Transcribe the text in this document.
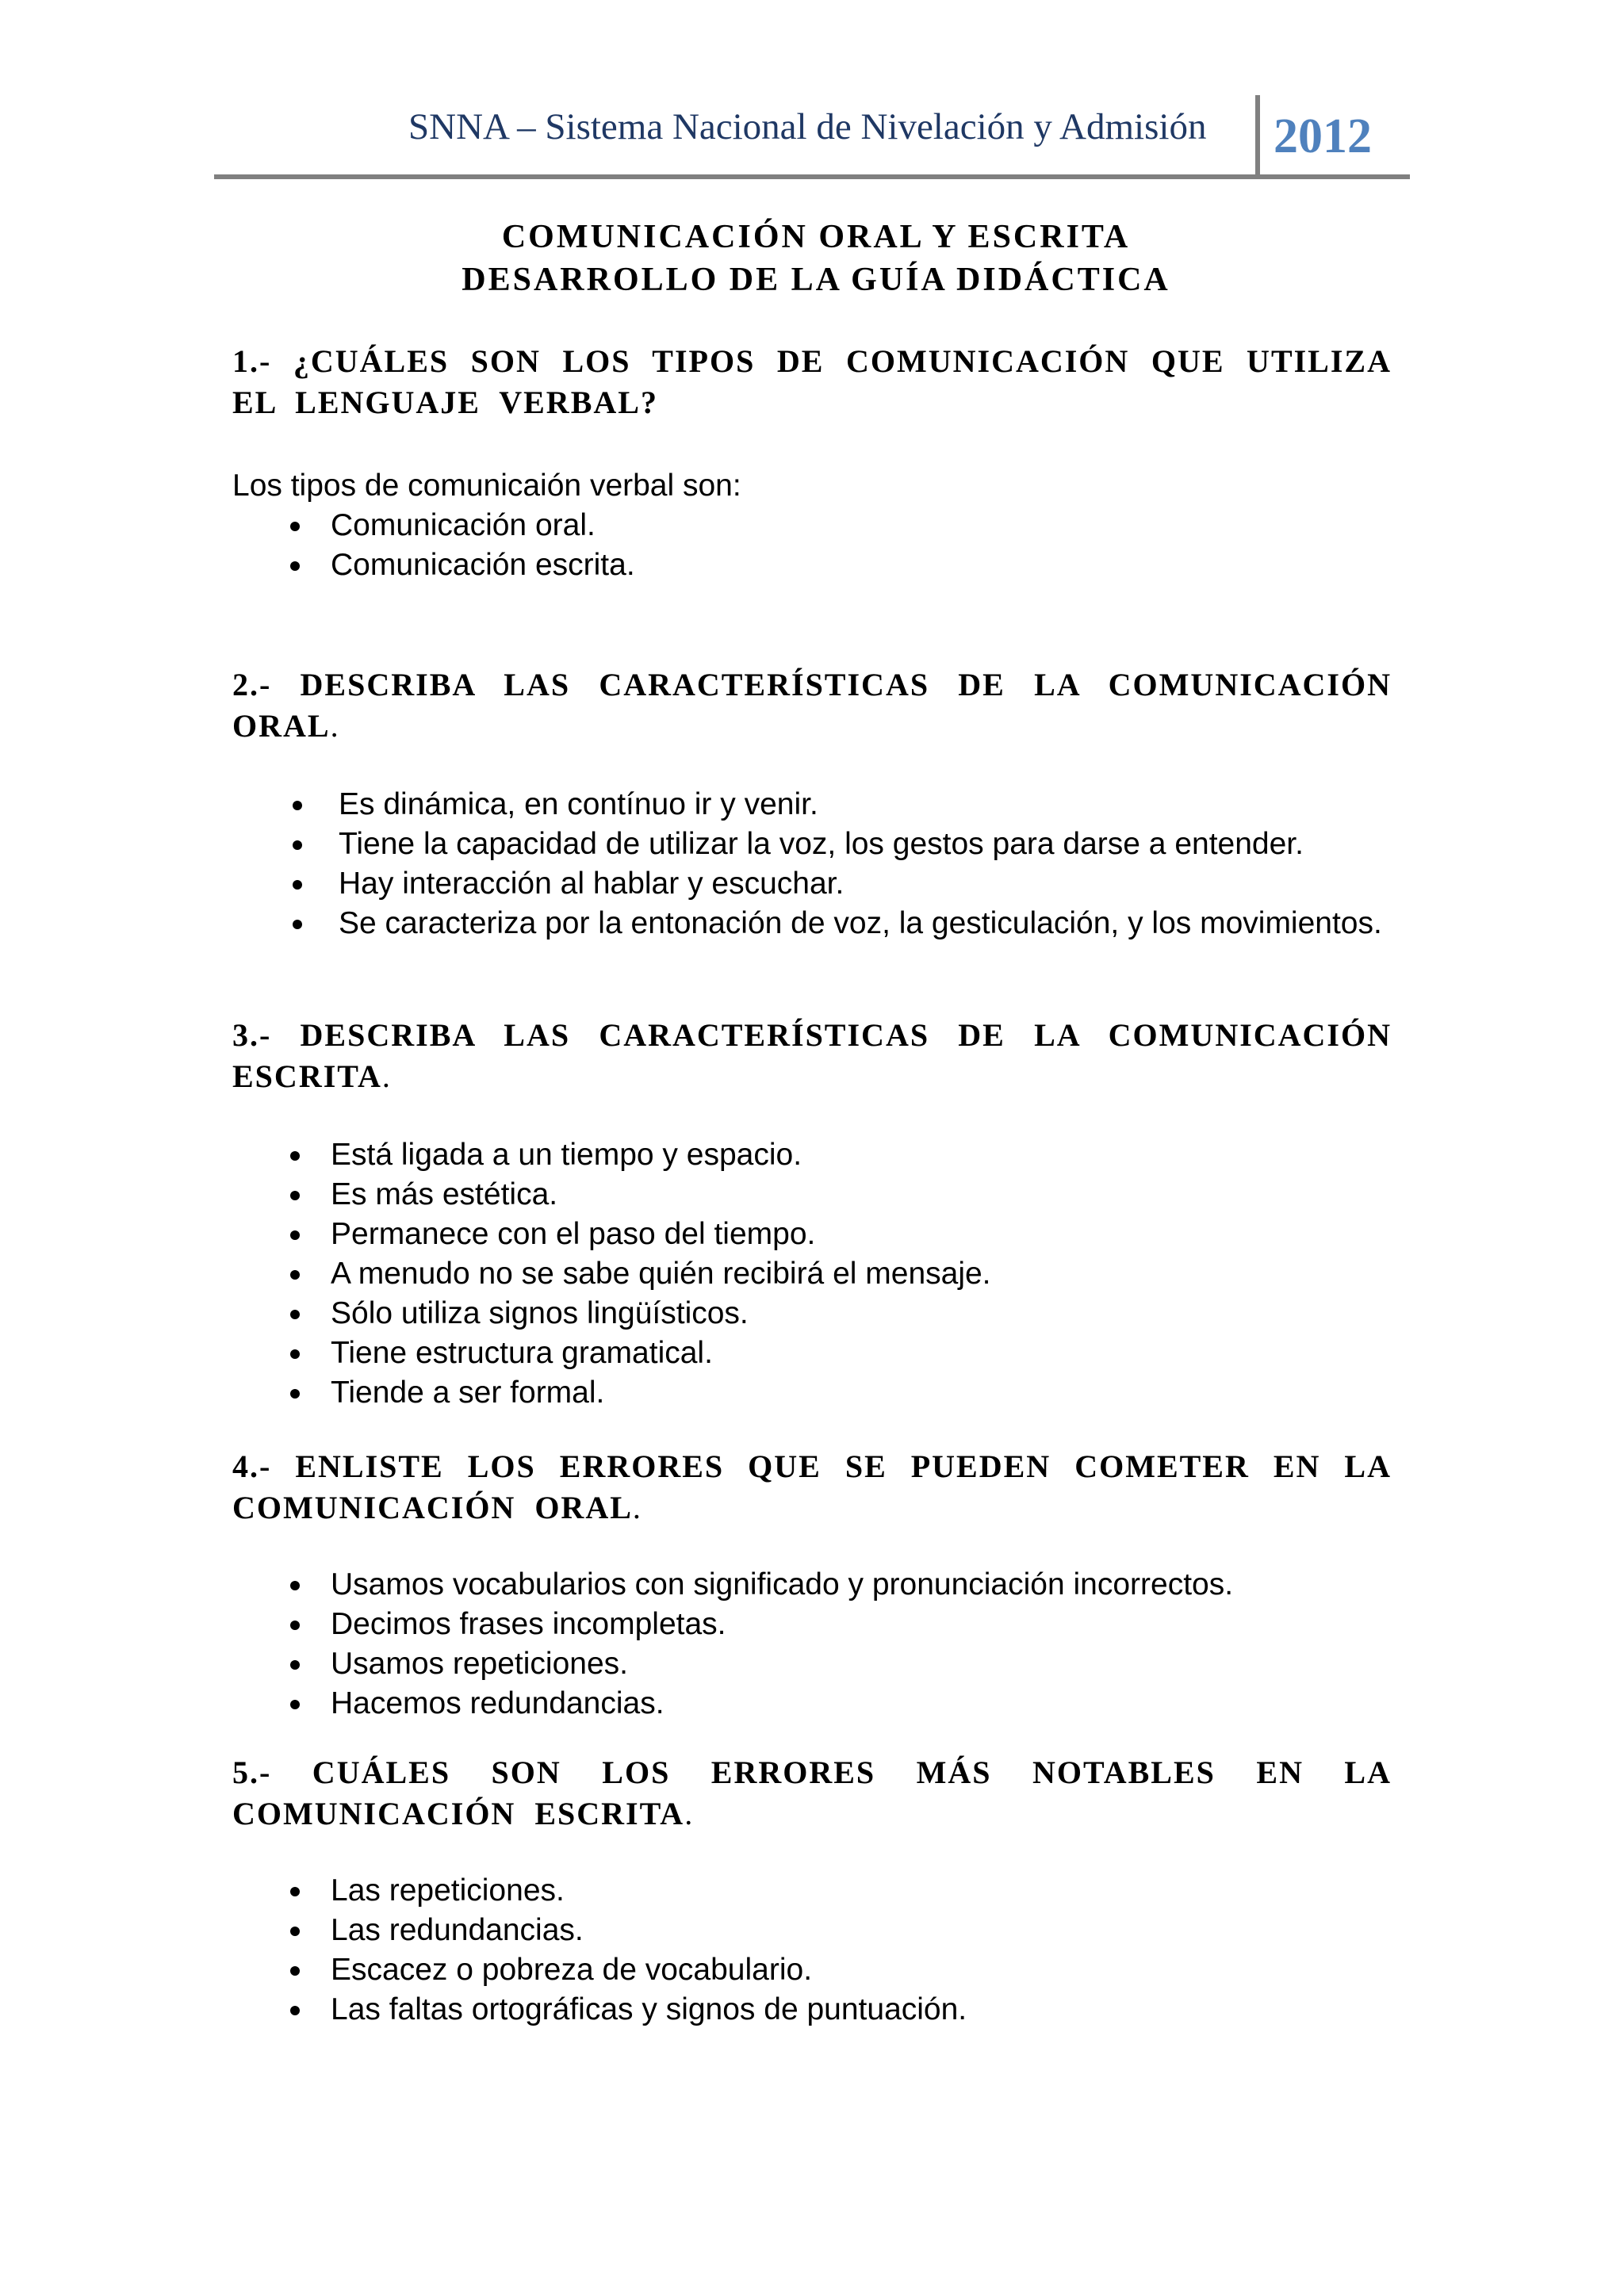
SNNA – Sistema Nacional de Nivelación y Admisión	2012
COMUNICACIÓN ORAL Y ESCRITA
DESARROLLO DE LA GUÍA DIDÁCTICA
1.- ¿CUÁLES SON LOS TIPOS DE COMUNICACIÓN QUE UTILIZA EL LENGUAJE VERBAL?
Los tipos de comunicaión verbal son:
Comunicación oral.
Comunicación escrita.
2.- DESCRIBA LAS CARACTERÍSTICAS DE LA COMUNICACIÓN ORAL.
Es dinámica, en contínuo ir y venir.
Tiene la capacidad de utilizar la voz, los gestos para darse a entender.
Hay interacción al hablar y escuchar.
Se caracteriza por la entonación de voz, la gesticulación, y los movimientos.
3.- DESCRIBA LAS CARACTERÍSTICAS DE LA COMUNICACIÓN ESCRITA.
Está ligada a un tiempo y espacio.
Es más estética.
Permanece con el paso del tiempo.
A menudo no se sabe quién recibirá el mensaje.
Sólo utiliza signos lingüísticos.
Tiene estructura gramatical.
Tiende a ser formal.
4.- ENLISTE LOS ERRORES QUE SE PUEDEN COMETER EN LA COMUNICACIÓN ORAL.
Usamos vocabularios con significado y pronunciación incorrectos.
Decimos frases incompletas.
Usamos repeticiones.
Hacemos redundancias.
5.- CUÁLES SON LOS ERRORES MÁS NOTABLES EN LA COMUNICACIÓN ESCRITA.
Las repeticiones.
Las redundancias.
Escacez o pobreza de vocabulario.
Las faltas ortográficas y signos de puntuación.
